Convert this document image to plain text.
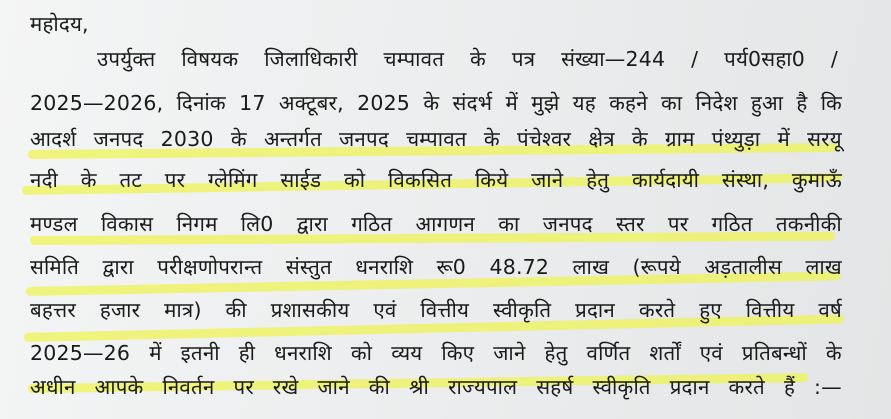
महोदय,
उपर्युक्त विषयक जिलाधिकारी चम्पावत के पत्र संख्या—244 / पर्य0सहा0 /
2025—2026, दिनांक 17 अक्टूबर, 2025 के संदर्भ में मुझे यह कहने का निदेश हुआ है कि
आदर्श जनपद 2030 के अन्तर्गत जनपद चम्पावत के पंचेश्वर क्षेत्र के ग्राम पंथ्युड़ा में सरयू
नदी के तट पर ग्लेमिंग साईड को विकसित किये जाने हेतु कार्यदायी संस्था, कुमाऊँ
मण्डल विकास निगम लि0 द्वारा गठित आगणन का जनपद स्तर पर गठित तकनीकी
समिति द्वारा परीक्षणोपरान्त संस्तुत धनराशि रू0 48.72 लाख (रूपये अड़तालीस लाख
बहत्तर हजार मात्र) की प्रशासकीय एवं वित्तीय स्वीकृति प्रदान करते हुए वित्तीय वर्ष
2025—26 में इतनी ही धनराशि को व्यय किए जाने हेतु वर्णित शर्तों एवं प्रतिबन्धों के
अधीन आपके निवर्तन पर रखे जाने की श्री राज्यपाल सहर्ष स्वीकृति प्रदान करते हैं :—
